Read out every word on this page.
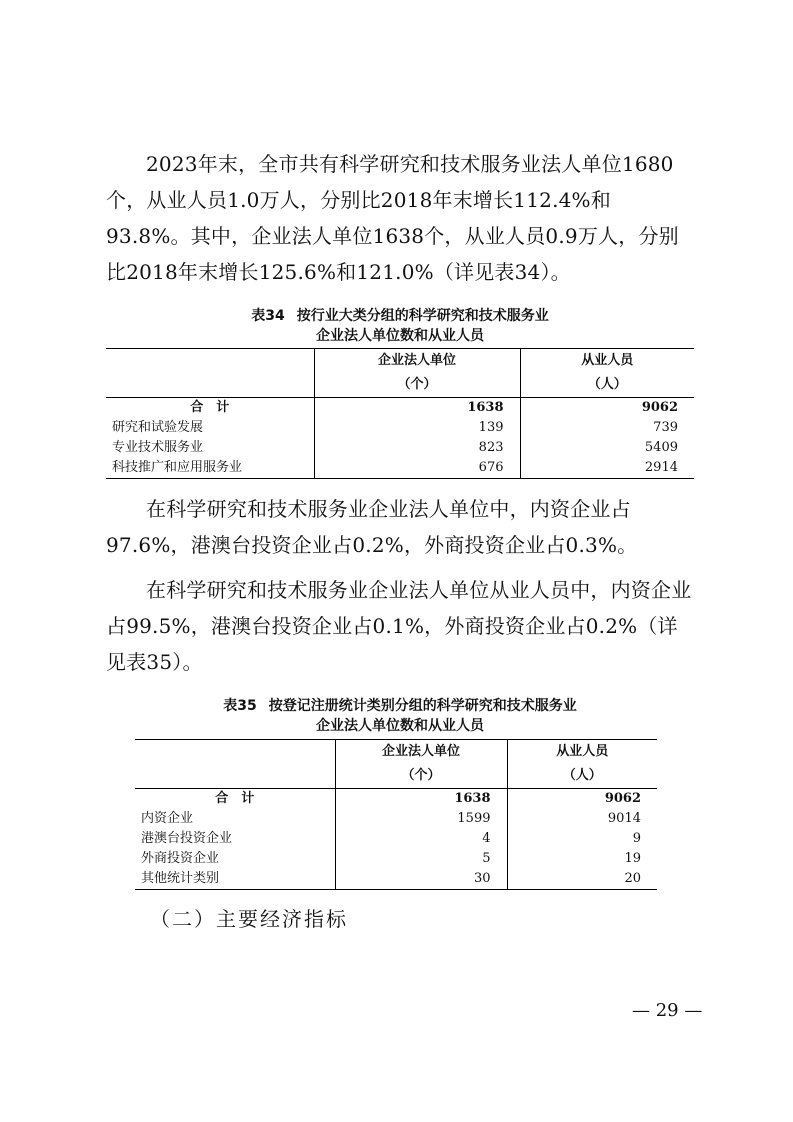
2023年末，全市共有科学研究和技术服务业法人单位1680个，从业人员1.0万人，分别比2018年末增长112.4%和93.8%。其中，企业法人单位1638个，从业人员0.9万人，分别比2018年末增长125.6%和121.0%（详见表34）。
表34 按行业大类分组的科学研究和技术服务业
企业法人单位数和从业人员
	企业法人单位	从业人员
	（个）	（人）
合　计	1638	9062
研究和试验发展	139	739
专业技术服务业	823	5409
科技推广和应用服务业	676	2914
在科学研究和技术服务业企业法人单位中，内资企业占97.6%，港澳台投资企业占0.2%，外商投资企业占0.3%。
在科学研究和技术服务业企业法人单位从业人员中，内资企业占99.5%，港澳台投资企业占0.1%，外商投资企业占0.2%（详见表35）。
表35 按登记注册统计类别分组的科学研究和技术服务业
企业法人单位数和从业人员
	企业法人单位	从业人员
	（个）	（人）
合　计	1638	9062
内资企业	1599	9014
港澳台投资企业	4	9
外商投资企业	5	19
其他统计类别	30	20
（二）主要经济指标
— 29 —
